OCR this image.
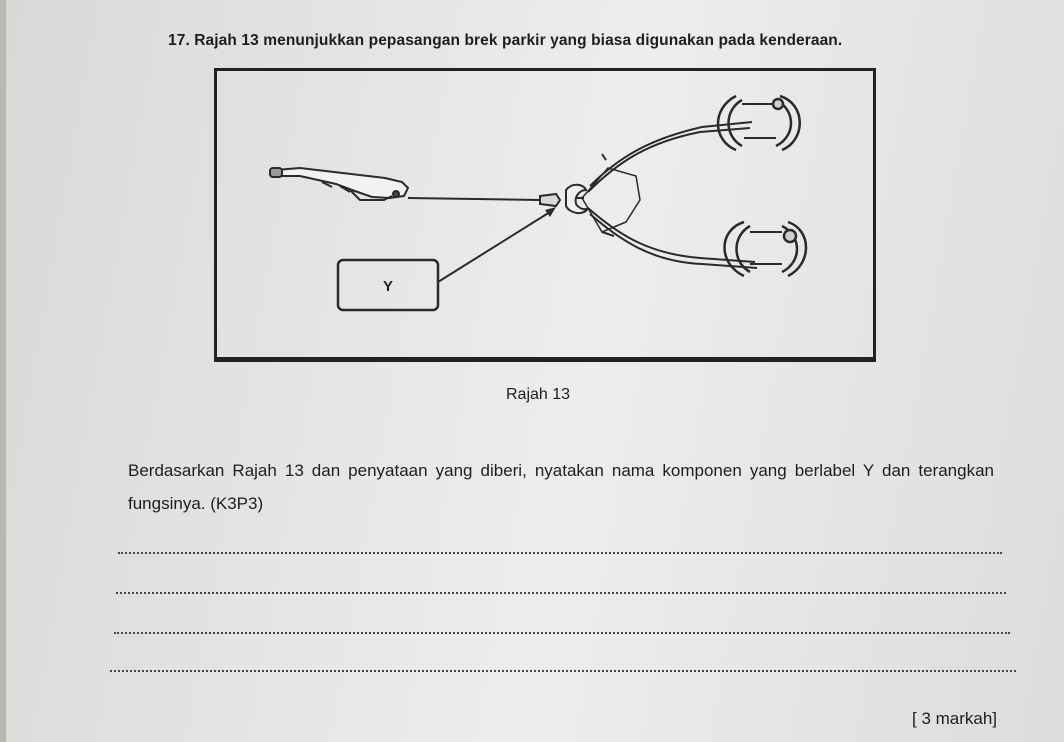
17. Rajah 13 menunjukkan pepasangan brek parkir yang biasa digunakan pada kenderaan.
Y
Rajah 13
Berdasarkan Rajah 13 dan penyataan yang diberi, nyatakan nama komponen yang berlabel Y dan terangkan fungsinya. (K3P3)
[ 3 markah]
